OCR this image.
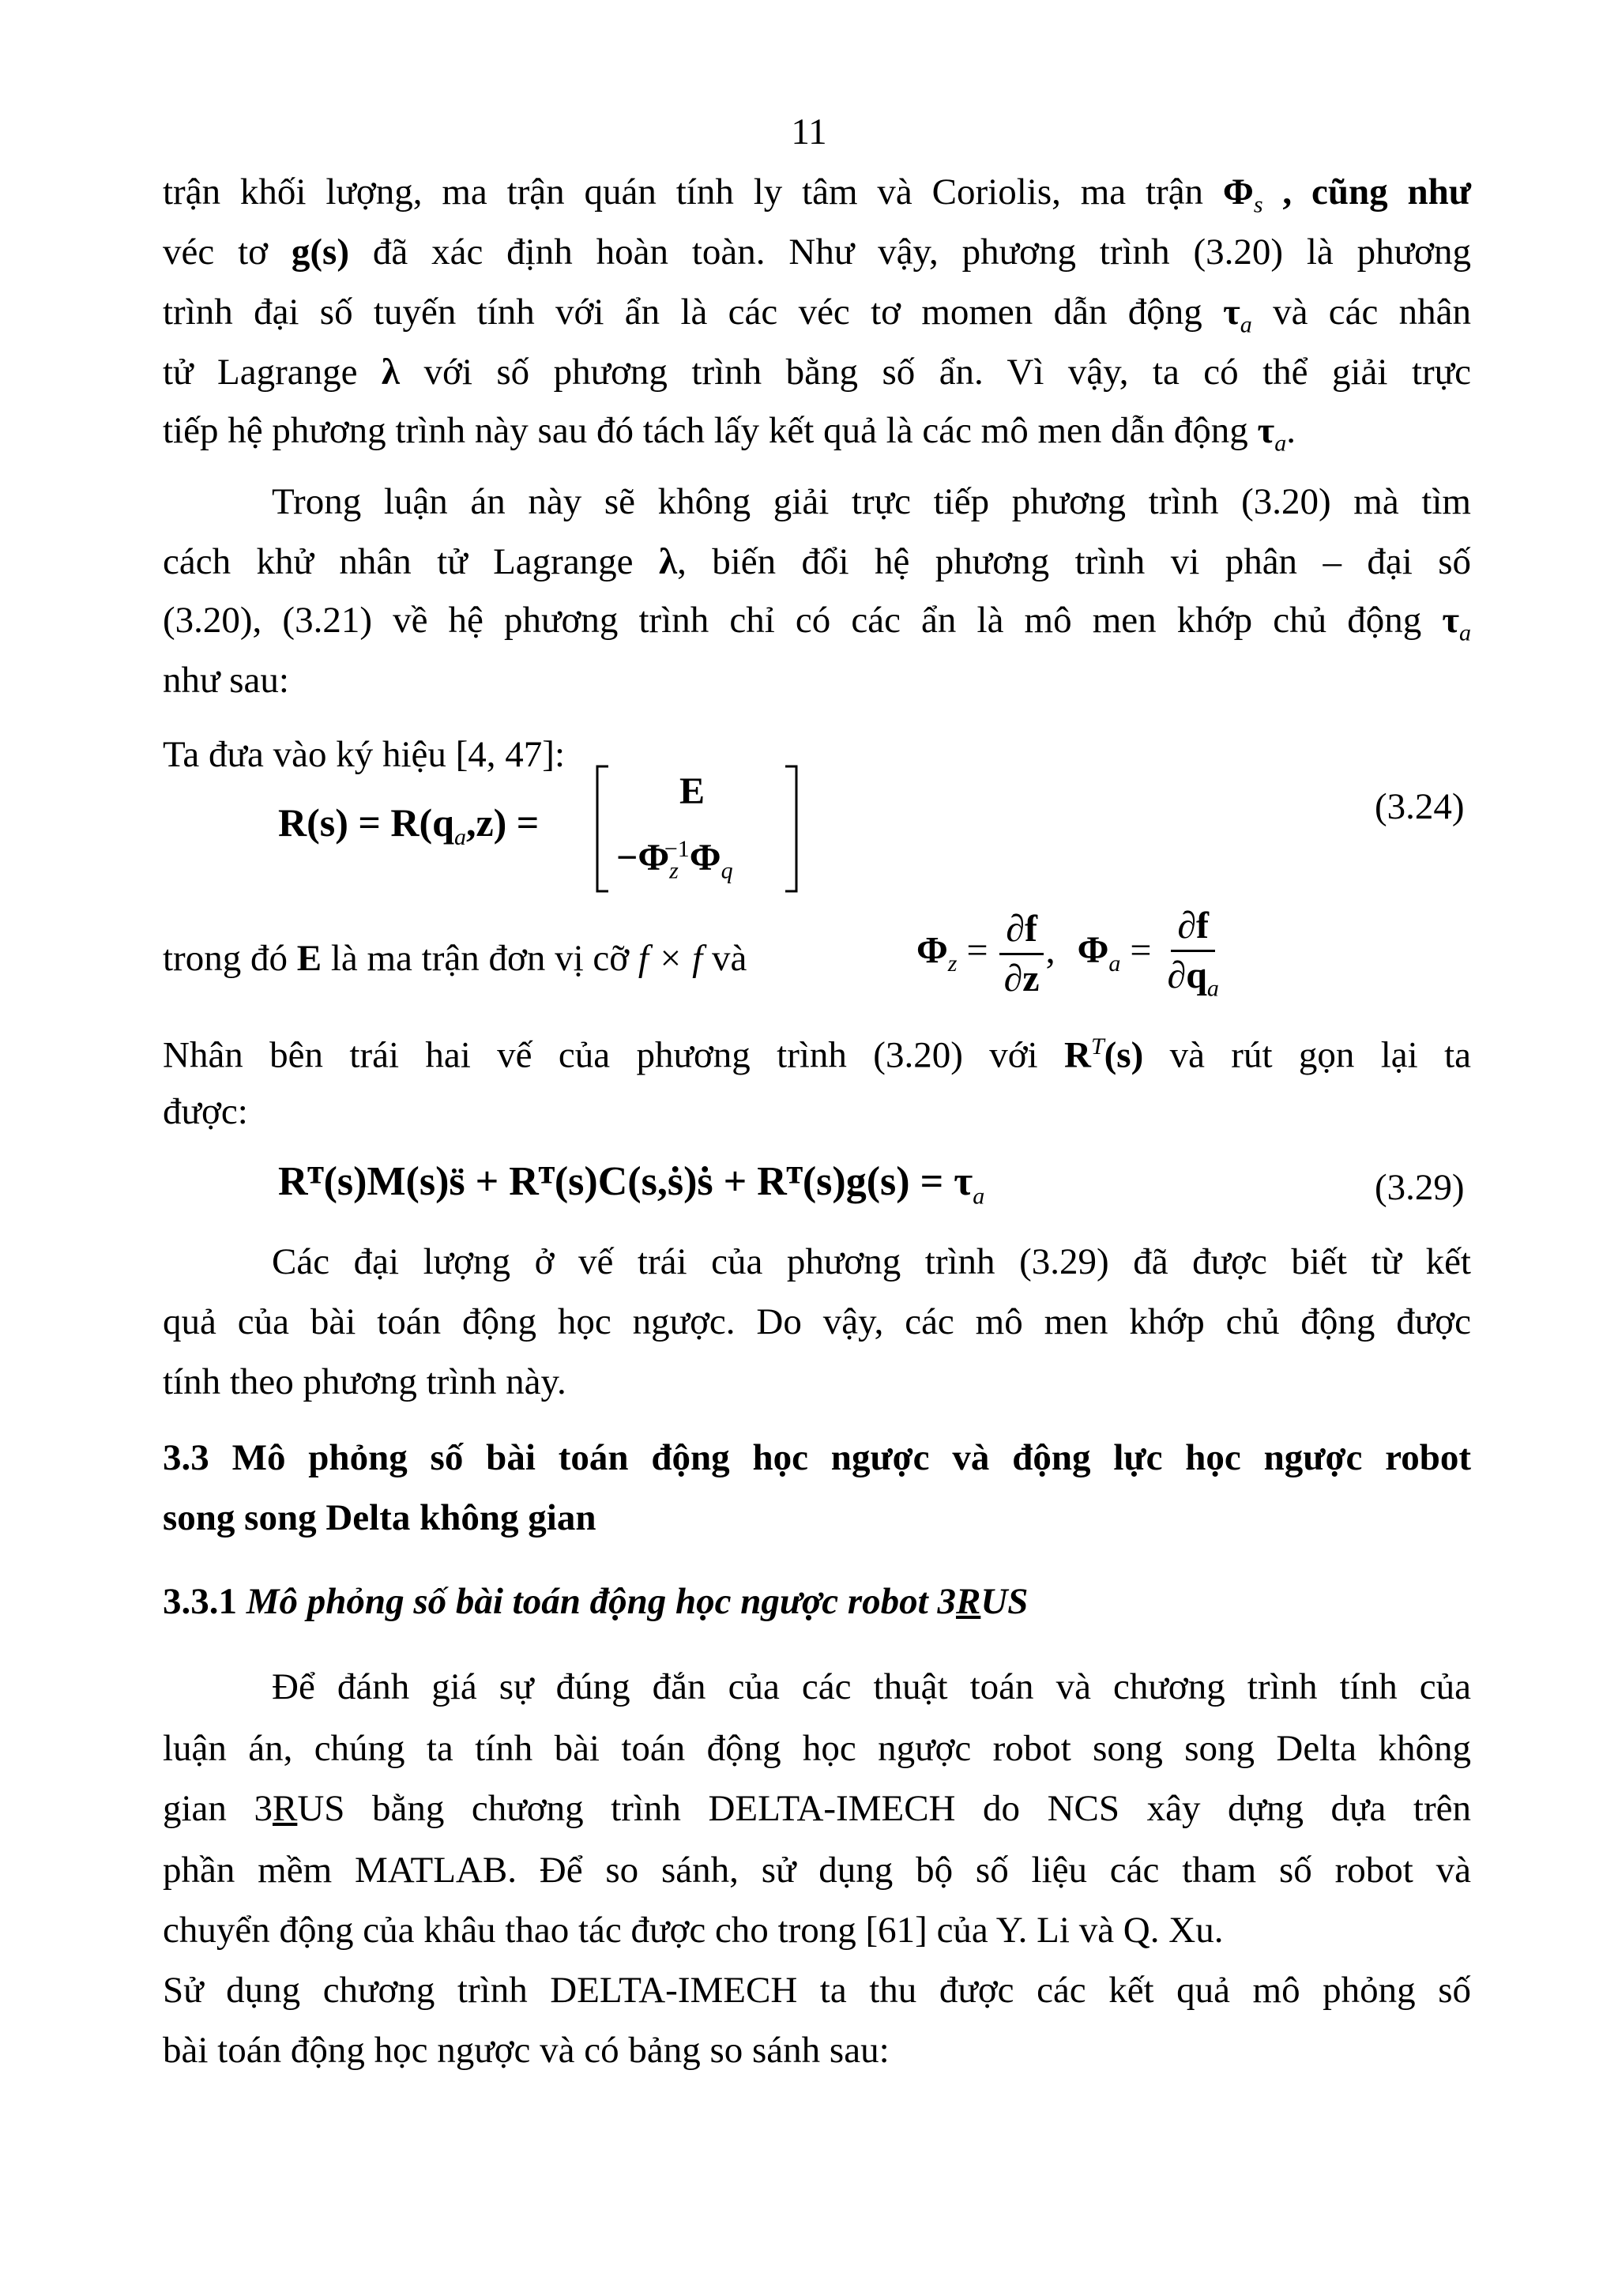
11
trận khối lượng, ma trận quán tính ly tâm và Coriolis, ma trận $\Phi_s$ , cũng như
véc tơ g(s) đã xác định hoàn toàn. Như vậy, phương trình (3.20) là phương
trình đại số tuyến tính với ẩn là các véc tơ momen dẫn động $\tau_a$ và các nhân
tử Lagrange λ với số phương trình bằng số ẩn. Vì vậy, ta có thể giải trực
tiếp hệ phương trình này sau đó tách lấy kết quả là các mô men dẫn động $\tau_a$.
Trong luận án này sẽ không giải trực tiếp phương trình (3.20) mà tìm
cách khử nhân tử Lagrange λ, biến đổi hệ phương trình vi phân – đại số
(3.20), (3.21) về hệ phương trình chỉ có các ẩn là mô men khớp chủ động $\tau_a$
như sau:
Ta đưa vào ký hiệu [4, 47]:
$R(s) = R(q_a,z)$ =
E
$-\Phi_z^{-1}\Phi_q$
(3.24)
trong đó E là ma trận đơn vị cỡ f × f và	$\Phi_z = \frac{\partial f}{\partial z}$ , $\Phi_a = \frac{\partial f}{\partial q_a}$
Nhân bên trái hai vế của phương trình (3.20) với $R^T(s)$ và rút gọn lại ta
được:
Rᵀ(s)M(s)s̈ + Rᵀ(s)C(s,ṡ)ṡ + Rᵀ(s)g(s) = $\tau_a$	(3.29)
Các đại lượng ở vế trái của phương trình (3.29) đã được biết từ kết
quả của bài toán động học ngược. Do vậy, các mô men khớp chủ động được
tính theo phương trình này.
3.3 Mô phỏng số bài toán động học ngược và động lực học ngược robot
song song Delta không gian
3.3.1 Mô phỏng số bài toán động học ngược robot 3RUS
Để đánh giá sự đúng đắn của các thuật toán và chương trình tính của
luận án, chúng ta tính bài toán động học ngược robot song song Delta không
gian 3RUS bằng chương trình DELTA-IMECH do NCS xây dựng dựa trên
phần mềm MATLAB. Để so sánh, sử dụng bộ số liệu các tham số robot và
chuyển động của khâu thao tác được cho trong [61] của Y. Li và Q. Xu.
Sử dụng chương trình DELTA-IMECH ta thu được các kết quả mô phỏng số
bài toán động học ngược và có bảng so sánh sau:
